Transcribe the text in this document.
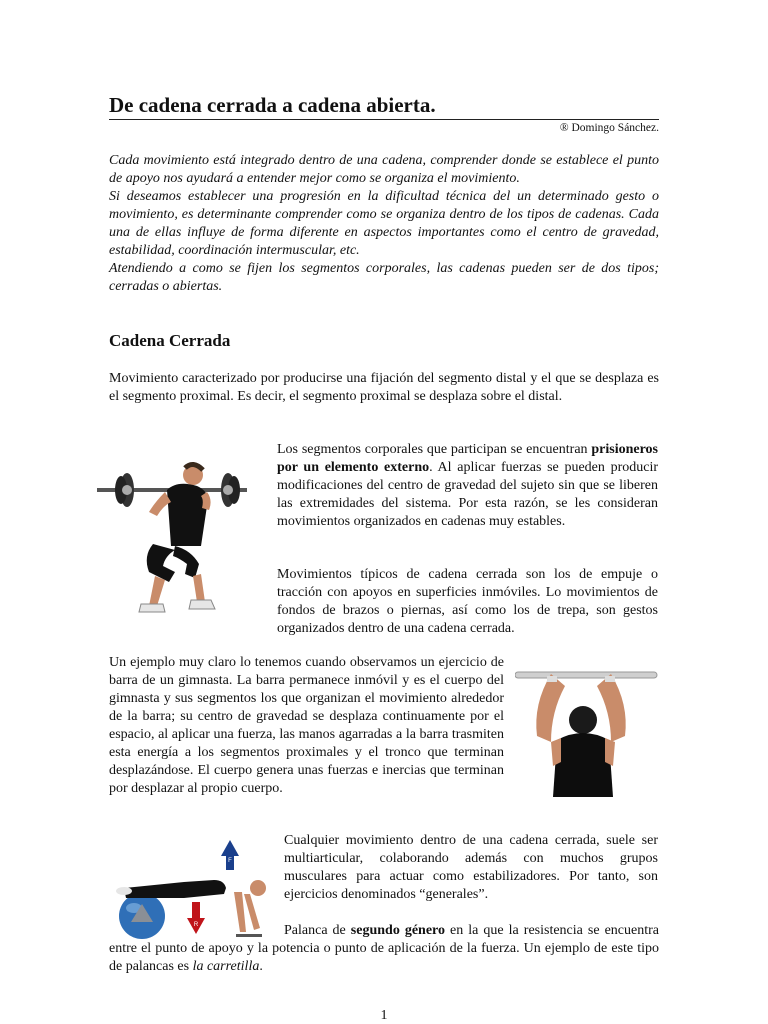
De cadena cerrada a cadena abierta.
® Domingo Sánchez.

Cada movimiento está integrado dentro de una cadena, comprender donde se establece el punto de apoyo nos ayudará a entender mejor como se organiza el movimiento.

Si deseamos establecer una progresión en la dificultad técnica del un determinado gesto o movimiento, es determinante comprender como se organiza dentro de los tipos de cadenas. Cada una de ellas influye de forma diferente en aspectos importantes como el centro de gravedad, estabilidad, coordinación intermuscular, etc.

Atendiendo a como se fijen los segmentos corporales, las cadenas pueden ser de dos tipos; cerradas o abiertas.

Cadena Cerrada

Movimiento caracterizado por producirse una fijación del segmento distal y el que se desplaza es el segmento proximal. Es decir, el segmento proximal se desplaza sobre el distal.

Los segmentos corporales que participan se encuentran prisioneros por un elemento externo. Al aplicar fuerzas se pueden producir modificaciones del centro de gravedad del sujeto sin que se liberen las extremidades del sistema. Por esta razón, se les consideran movimientos organizados en cadenas muy estables.

Movimientos típicos de cadena cerrada son los de empuje o tracción con apoyos en superficies inmóviles. Lo movimientos de fondos de brazos o piernas, así como los de trepa, son gestos organizados dentro de una cadena cerrada.

Un ejemplo muy claro lo tenemos cuando observamos un ejercicio de barra de un gimnasta. La barra permanece inmóvil y es el cuerpo del gimnasta y sus segmentos los que organizan el movimiento alrededor de la barra; su centro de gravedad se desplaza continuamente por el espacio, al aplicar una fuerza, las manos agarradas a la barra trasmiten esta energía a los segmentos proximales y el tronco que terminan desplazándose. El cuerpo genera unas fuerzas e inercias que terminan por desplazar al propio cuerpo.

F
R

Cualquier movimiento dentro de una cadena cerrada, suele ser multiarticular, colaborando además con muchos grupos musculares para actuar como estabilizadores. Por tanto, son ejercicios denominados “generales”.

Palanca de segundo género en la que la resistencia se encuentra entre el punto de apoyo y la potencia o punto de aplicación de la fuerza. Un ejemplo de este tipo de palancas es la carretilla.

1
